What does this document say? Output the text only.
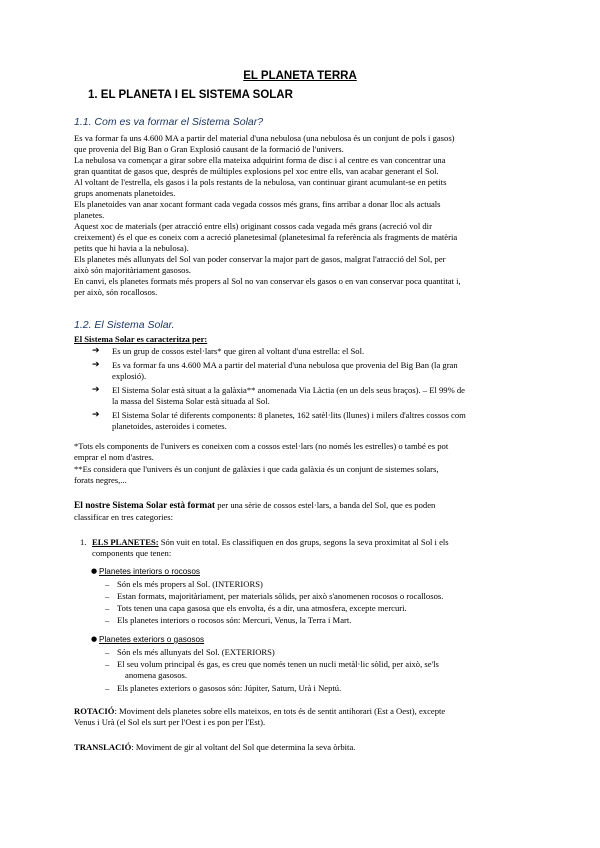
EL PLANETA TERRA
1. EL PLANETA I EL SISTEMA SOLAR
1.1. Com es va formar el Sistema Solar?
Es va formar fa uns 4.600 MA a partir del material d'una nebulosa (una nebulosa és un conjunt de pols i gasos)
que provenia del Big Ban o Gran Explosió causant de la formació de l'univers.
La nebulosa va començar a girar sobre ella mateixa adquirint forma de disc i al centre es van concentrar una
gran quantitat de gasos que, després de múltiples explosions pel xoc entre ells, van acabar generant el Sol.
Al voltant de l'estrella, els gasos i la pols restants de la nebulosa, van continuar girant acumulant-se en petits
grups anomenats planetoides.
Els planetoides van anar xocant formant cada vegada cossos més grans, fins arribar a donar lloc als actuals
planetes.
Aquest xoc de materials (per atracció entre ells) originant cossos cada vegada més grans (acreció vol dir
creixement) és el que es coneix com a acreció planetesimal (planetesimal fa referència als fragments de matèria
petits que hi havia a la nebulosa).
Els planetes més allunyats del Sol van poder conservar la major part de gasos, malgrat l'atracció del Sol, per
això són majoritàriament gasosos.
En canvi, els planetes formats més propers al Sol no van conservar els gasos o en van conservar poca quantitat i,
per això, són rocallosos.
1.2. El Sistema Solar.
El Sistema Solar es caracteritza per:
➔ Es un grup de cossos estel·lars* que giren al voltant d'una estrella: el Sol.
➔ Es va formar fa uns 4.600 MA a partir del material d'una nebulosa que provenia del Big Ban (la gran
explosió).
➔ El Sistema Solar està situat a la galàxia** anomenada Via Làctia (en un dels seus braços). – El 99% de
la massa del Sistema Solar està situada al Sol.
➔ El Sistema Solar té diferents components: 8 planetes, 162 satèl·lits (llunes) i milers d'altres cossos com
planetoides, asteroides i cometes.
*Tots els components de l'univers es coneixen com a cossos estel·lars (no només les estrelles) o també es pot
emprar el nom d'astres.
**Es considera que l'univers és un conjunt de galàxies i que cada galàxia és un conjunt de sistemes solars,
forats negres,...
El nostre Sistema Solar està format per una sèrie de cossos estel·lars, a banda del Sol, que es poden
classificar en tres categories:
1. ELS PLANETES: Són vuit en total. Es classifiquen en dos grups, segons la seva proximitat al Sol i els
components que tenen:
● Planetes interiors o rocosos
– Són els més propers al Sol. (INTERIORS)
– Estan formats, majoritàriament, per materials sòlids, per això s'anomenen rocosos o rocallosos.
– Tots tenen una capa gasosa que els envolta, és a dir, una atmosfera, excepte mercuri.
– Els planetes interiors o rocosos són: Mercuri, Venus, la Terra i Mart.
● Planetes exteriors o gasosos
– Són els més allunyats del Sol. (EXTERIORS)
– El seu volum principal és gas, es creu que només tenen un nucli metàl·lic sòlid, per això, se'ls
anomena gasosos.
– Els planetes exteriors o gasosos són: Júpiter, Saturn, Urà i Neptú.
ROTACIÓ: Moviment dels planetes sobre ells mateixos, en tots és de sentit antihorari (Est a Oest), excepte
Venus i Urà (el Sol els surt per l'Oest i es pon per l'Est).
TRANSLACIÓ: Moviment de gir al voltant del Sol que determina la seva òrbita.
